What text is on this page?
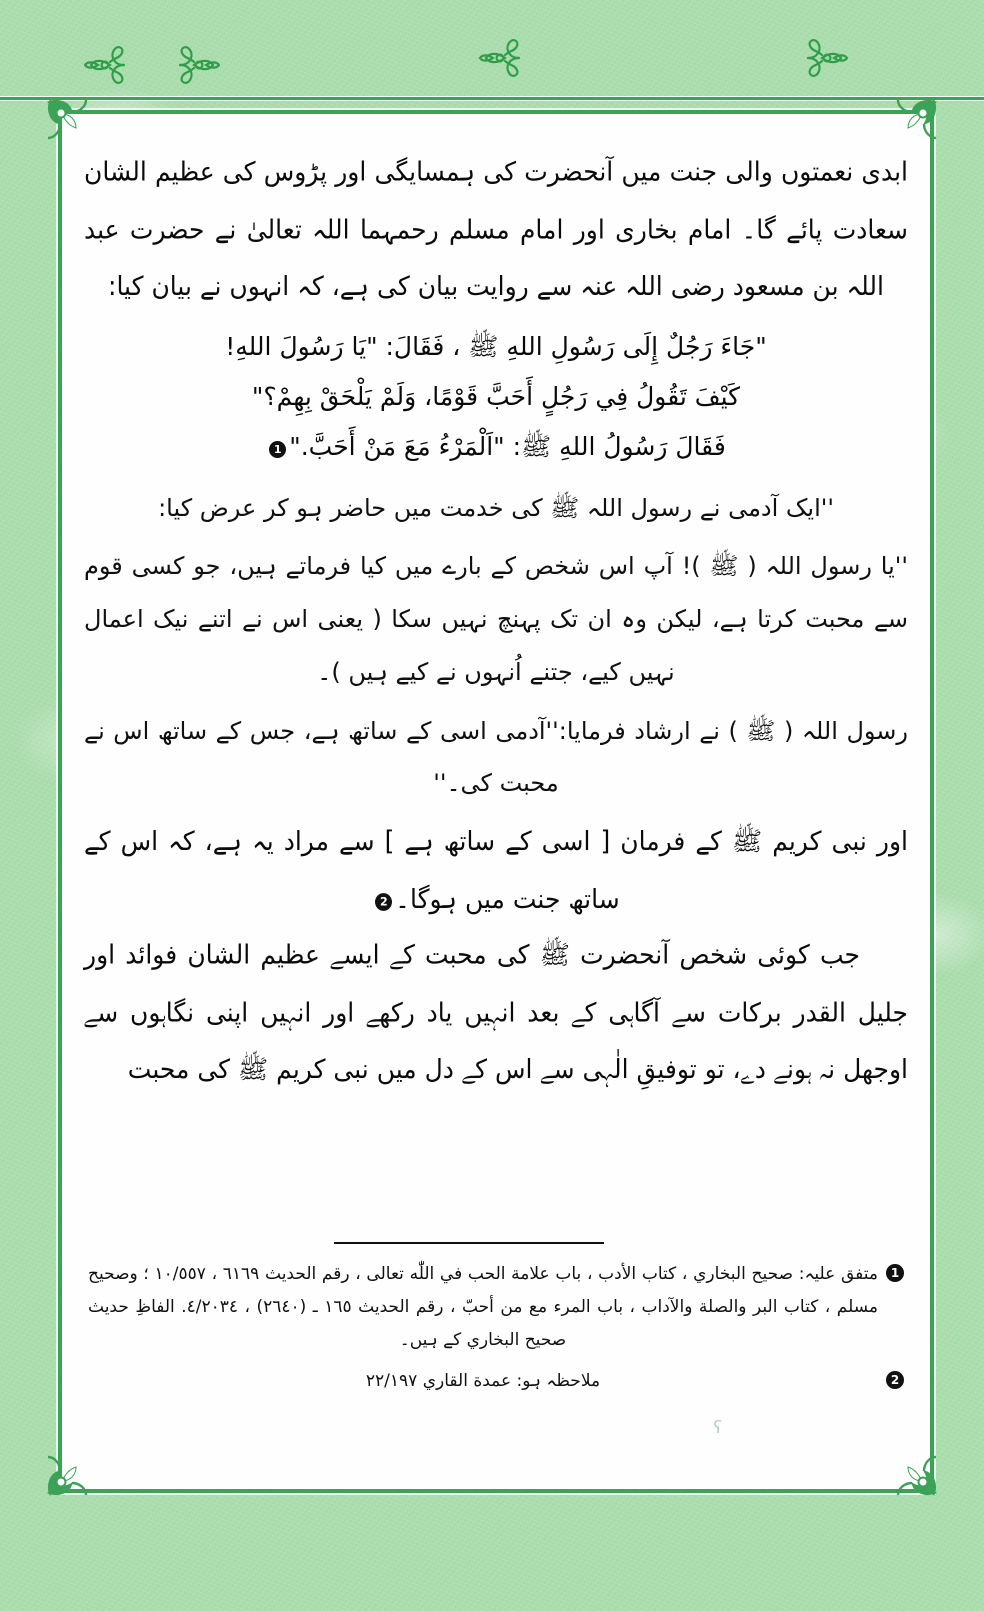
ابدی نعمتوں والی جنت میں آنحضرت کی ہمسایگی اور پڑوس کی عظیم الشان سعادت پائے گا۔ امام بخاری اور امام مسلم رحمہما اللہ تعالیٰ نے حضرت عبد اللہ بن مسعود رضی اللہ عنہ سے روایت بیان کی ہے، کہ انہوں نے بیان کیا:

"جَاءَ رَجُلٌ إِلَى رَسُولِ اللهِ ﷺ ، فَقَالَ: "يَا رَسُولَ اللهِ!
كَيْفَ تَقُولُ فِي رَجُلٍ أَحَبَّ قَوْمًا، وَلَمْ يَلْحَقْ بِهِمْ؟"
فَقَالَ رَسُولُ اللهِ ﷺ: "اَلْمَرْءُ مَعَ مَنْ أَحَبَّ."1

''ایک آدمی نے رسول اللہ ﷺ کی خدمت میں حاضر ہو کر عرض کیا:

''یا رسول اللہ ( ﷺ )! آپ اس شخص کے بارے میں کیا فرماتے ہیں، جو کسی قوم سے محبت کرتا ہے، لیکن وہ ان تک پہنچ نہیں سکا ( یعنی اس نے اتنے نیک اعمال نہیں کیے، جتنے اُنہوں نے کیے ہیں )۔

رسول اللہ ( ﷺ ) نے ارشاد فرمایا:''آدمی اسی کے ساتھ ہے، جس کے ساتھ اس نے محبت کی۔''

اور نبی کریم ﷺ کے فرمان [ اسی کے ساتھ ہے ] سے مراد یہ ہے، کہ اس کے ساتھ جنت میں ہوگا۔2

جب کوئی شخص آنحضرت ﷺ کی محبت کے ایسے عظیم الشان فوائد اور جلیل القدر برکات سے آگاہی کے بعد انہیں یاد رکھے اور انہیں اپنی نگاہوں سے اوجھل نہ ہونے دے، تو توفیقِ الٰہی سے اس کے دل میں نبی کریم ﷺ کی محبت

1
متفق علیہ: صحیح البخاري ، کتاب الأدب ، باب علامة الحب في اللّٰه تعالى ، رقم الحدیث ٦١٦٩ ، ١٠/٥٥٧ ؛ وصحیح مسلم ، کتاب البر والصلة والآداب ، باب المرء مع من أحبّ ، رقم الحدیث ١٦٥ ـ (٢٦٤٠) ، ٤/٢٠٣٤. الفاظِ حدیث صحیح البخاري کے ہیں۔
2
ملاحظہ ہو: عمدة القاري ٢٢/١٩٧
ʕ
